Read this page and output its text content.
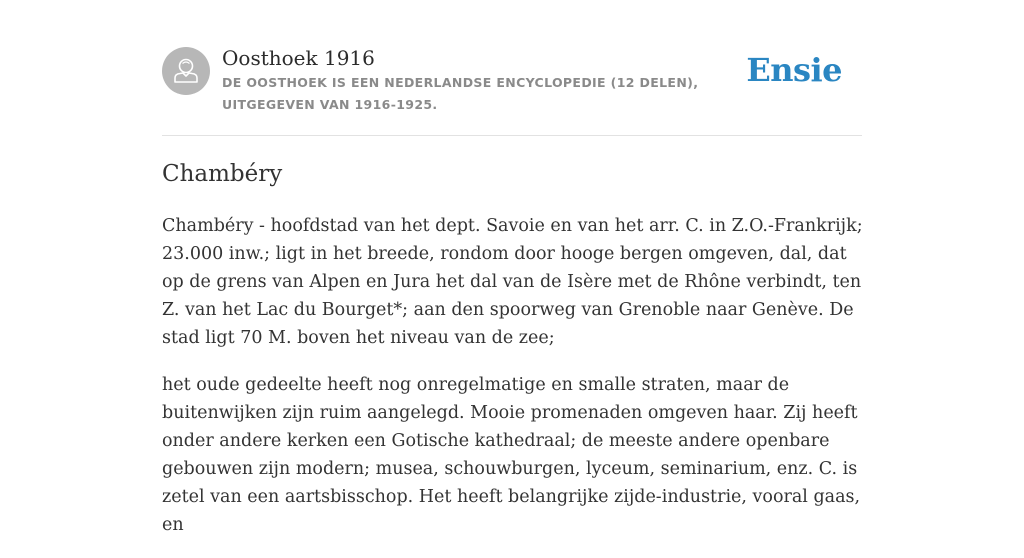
Oosthoek 1916
DE OOSTHOEK IS EEN NEDERLANDSE ENCYCLOPEDIE (12 DELEN), UITGEGEVEN VAN 1916-1925.
Ensie
Chambéry

Chambéry - hoofdstad van het dept. Savoie en van het arr. C. in Z.O.-Frankrijk; 23.000 inw.; ligt in het breede, rondom door hooge bergen omgeven, dal, dat op de grens van Alpen en Jura het dal van de Isère met de Rhône verbindt, ten Z. van het Lac du Bourget*; aan den spoorweg van Grenoble naar Genève. De stad ligt 70 M. boven het niveau van de zee;

het oude gedeelte heeft nog onregelmatige en smalle straten, maar de buitenwijken zijn ruim aangelegd. Mooie promenaden omgeven haar. Zij heeft onder andere kerken een Gotische kathedraal; de meeste andere openbare gebouwen zijn modern; musea, schouwburgen, lyceum, seminarium, enz. C. is zetel van een aartsbisschop. Het heeft belangrijke zijde-industrie, vooral gaas, en
